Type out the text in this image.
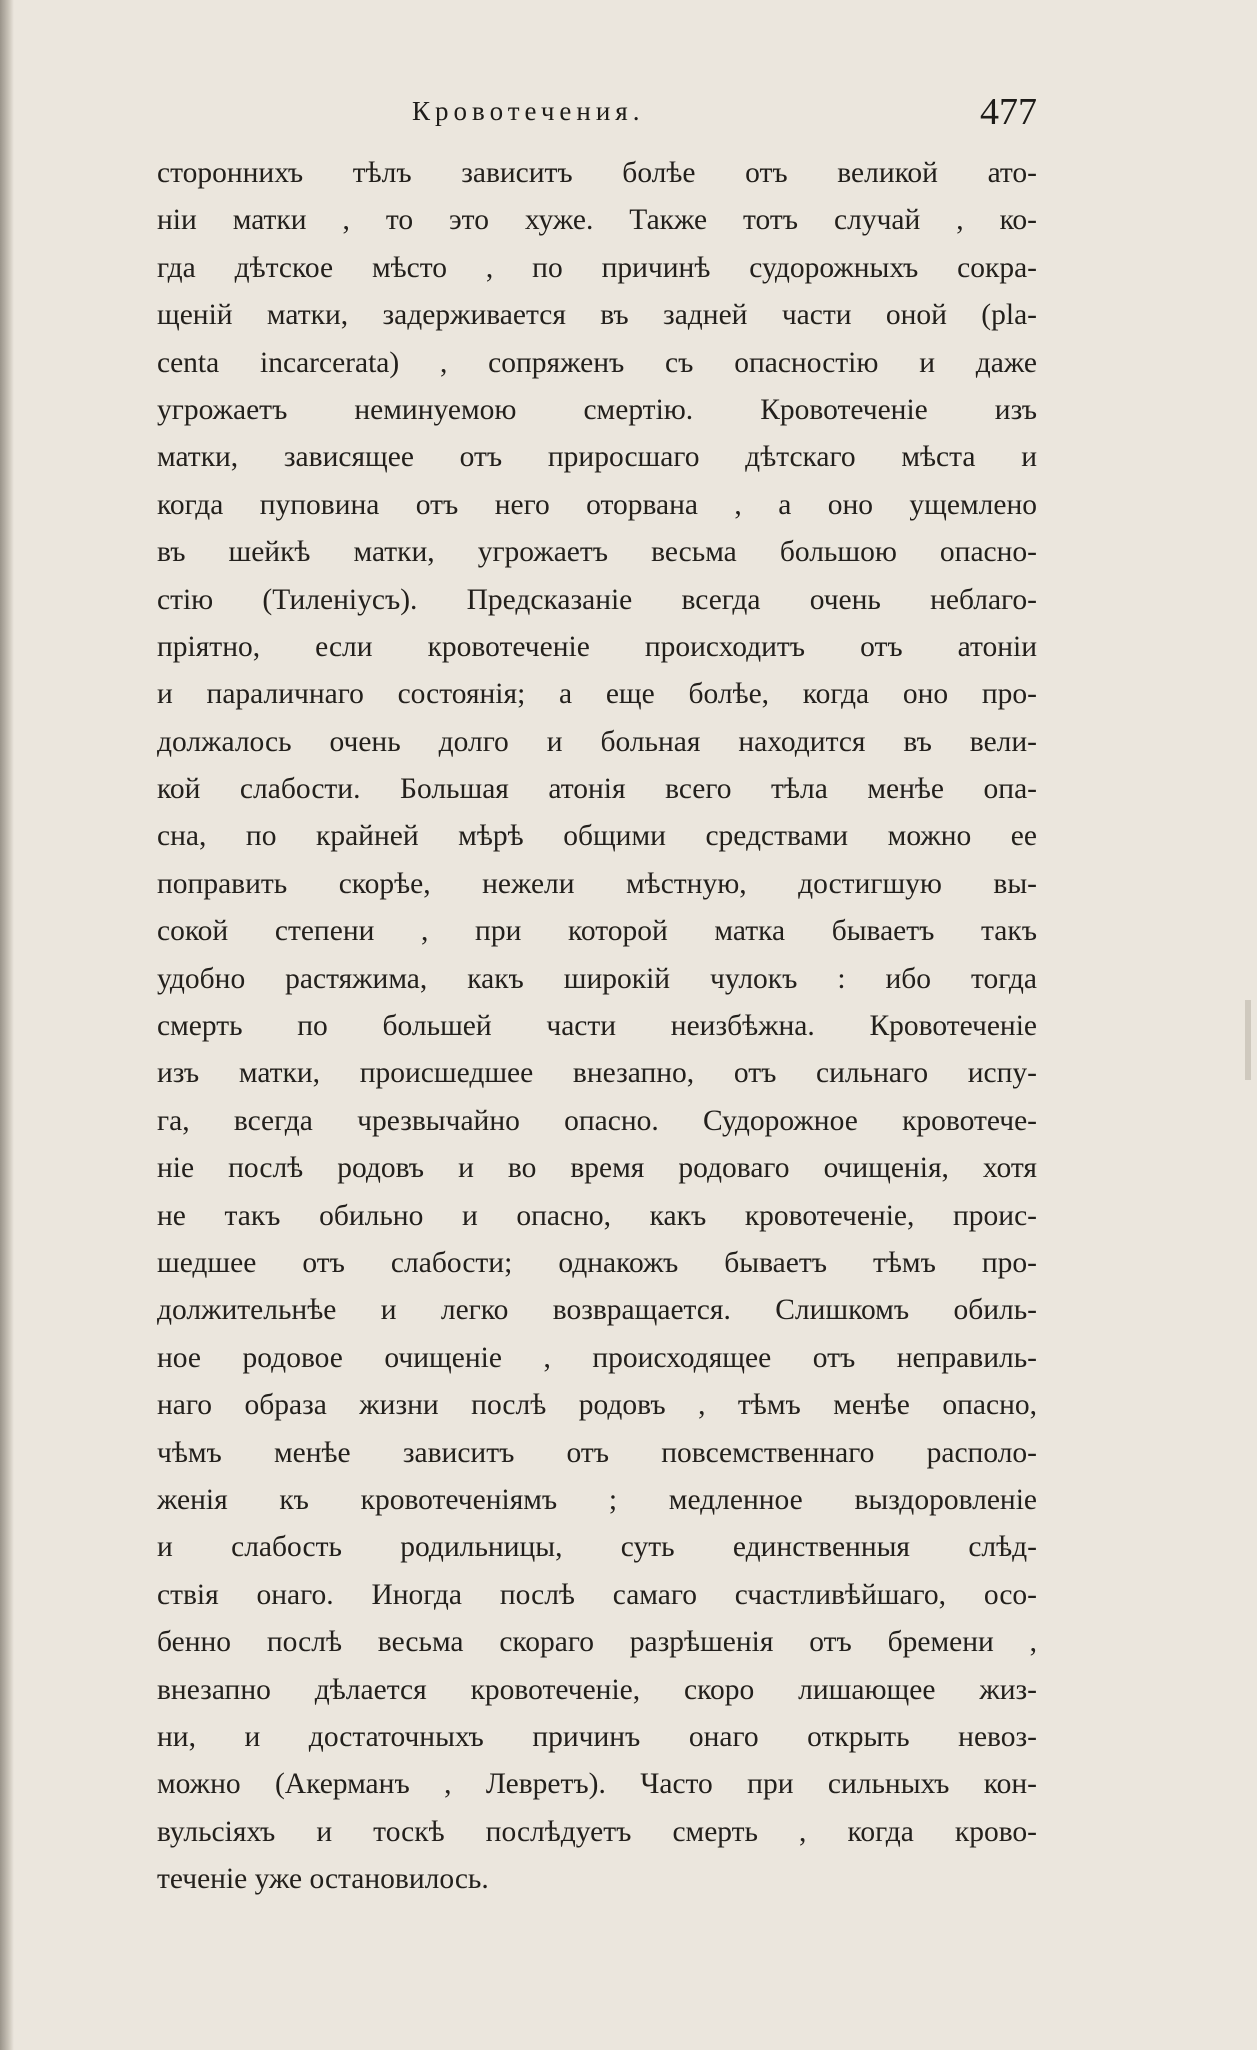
Кровотечения.	477
стороннихъ тѣлъ зависитъ болѣе отъ великой ато-
ніи матки , то это хуже. Также тотъ случай , ко-
гда дѣтское мѣсто , по причинѣ судорожныхъ сокра-
щеній матки, задерживается въ задней части оной (pla-
centa incarcerata) , сопряженъ съ опасностію и даже
угрожаетъ неминуемою смертію. Кровотеченіе изъ
матки, зависящее отъ приросшаго дѣтскаго мѣста и
когда пуповина отъ него оторвана , а оно ущемлено
въ шейкѣ матки, угрожаетъ весьма большою опасно-
стію (Тиленіусъ). Предсказаніе всегда очень неблаго-
пріятно, если кровотеченіе происходитъ отъ атоніи
и параличнаго состоянія; а еще болѣе, когда оно про-
должалось очень долго и больная находится въ вели-
кой слабости. Большая атонія всего тѣла менѣе опа-
сна, по крайней мѣрѣ общими средствами можно ее
поправить скорѣе, нежели мѣстную, достигшую вы-
сокой степени , при которой матка бываетъ такъ
удобно растяжима, какъ широкій чулокъ : ибо тогда
смерть по большей части неизбѣжна. Кровотеченіе
изъ матки, происшедшее внезапно, отъ сильнаго испу-
га, всегда чрезвычайно опасно. Судорожное кровотече-
ніе послѣ родовъ и во время родоваго очищенія, хотя
не такъ обильно и опасно, какъ кровотеченіе, проис-
шедшее отъ слабости; однакожъ бываетъ тѣмъ про-
должительнѣе и легко возвращается. Слишкомъ обиль-
ное родовое очищеніе , происходящее отъ неправиль-
наго образа жизни послѣ родовъ , тѣмъ менѣе опасно,
чѣмъ менѣе зависитъ отъ повсемственнаго располо-
женія къ кровотеченіямъ ; медленное выздоровленіе
и слабость родильницы, суть единственныя слѣд-
ствія онаго. Иногда послѣ самаго счастливѣйшаго, осо-
бенно послѣ весьма скораго разрѣшенія отъ бремени ,
внезапно дѣлается кровотеченіе, скоро лишающее жиз-
ни, и достаточныхъ причинъ онаго открыть невоз-
можно (Акерманъ , Левретъ). Часто при сильныхъ кон-
вульсіяхъ и тоскѣ послѣдуетъ смерть , когда крово-
теченіе уже остановилось.
